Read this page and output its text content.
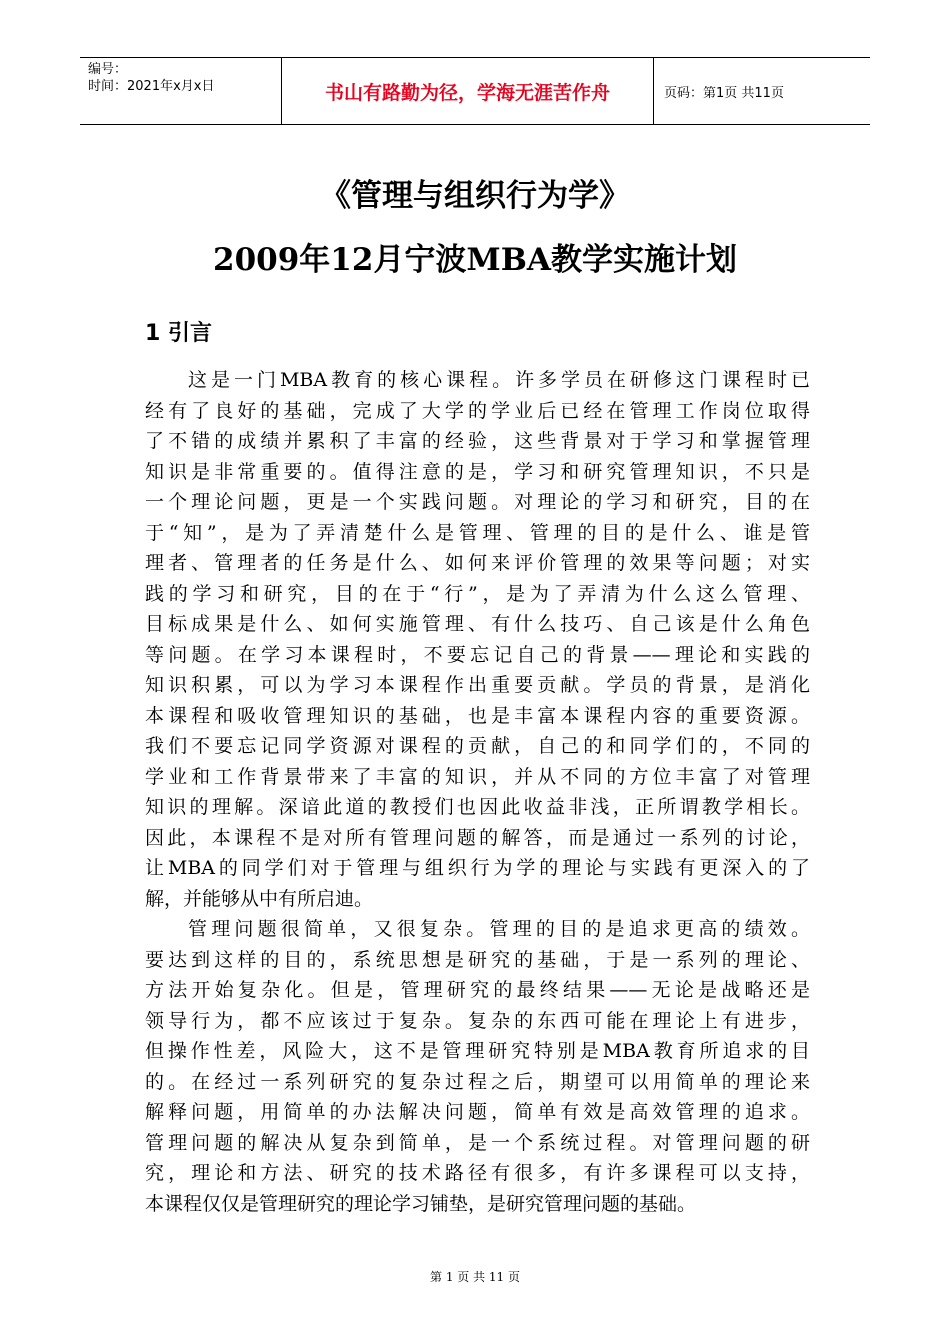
编号：
时间：2021年x月x日	书山有路勤为径，学海无涯苦作舟	页码：第1页 共11页
《管理与组织行为学》
2009年12月宁波MBA教学实施计划
1 引言
这是一门MBA教育的核心课程。许多学员在研修这门课程时已
经有了良好的基础，完成了大学的学业后已经在管理工作岗位取得
了不错的成绩并累积了丰富的经验，这些背景对于学习和掌握管理
知识是非常重要的。值得注意的是，学习和研究管理知识，不只是
一个理论问题，更是一个实践问题。对理论的学习和研究，目的在
于“知”，是为了弄清楚什么是管理、管理的目的是什么、谁是管
理者、管理者的任务是什么、如何来评价管理的效果等问题；对实
践的学习和研究，目的在于“行”，是为了弄清为什么这么管理、
目标成果是什么、如何实施管理、有什么技巧、自己该是什么角色
等问题。在学习本课程时，不要忘记自己的背景——理论和实践的
知识积累，可以为学习本课程作出重要贡献。学员的背景，是消化
本课程和吸收管理知识的基础，也是丰富本课程内容的重要资源。
我们不要忘记同学资源对课程的贡献，自己的和同学们的，不同的
学业和工作背景带来了丰富的知识，并从不同的方位丰富了对管理
知识的理解。深谙此道的教授们也因此收益非浅，正所谓教学相长。
因此，本课程不是对所有管理问题的解答，而是通过一系列的讨论，
让MBA的同学们对于管理与组织行为学的理论与实践有更深入的了
解，并能够从中有所启迪。
管理问题很简单，又很复杂。管理的目的是追求更高的绩效。
要达到这样的目的，系统思想是研究的基础，于是一系列的理论、
方法开始复杂化。但是，管理研究的最终结果——无论是战略还是
领导行为，都不应该过于复杂。复杂的东西可能在理论上有进步，
但操作性差，风险大，这不是管理研究特别是MBA教育所追求的目
的。在经过一系列研究的复杂过程之后，期望可以用简单的理论来
解释问题，用简单的办法解决问题，简单有效是高效管理的追求。
管理问题的解决从复杂到简单，是一个系统过程。对管理问题的研
究，理论和方法、研究的技术路径有很多，有许多课程可以支持，
本课程仅仅是管理研究的理论学习铺垫，是研究管理问题的基础。
第 1 页 共 11 页
